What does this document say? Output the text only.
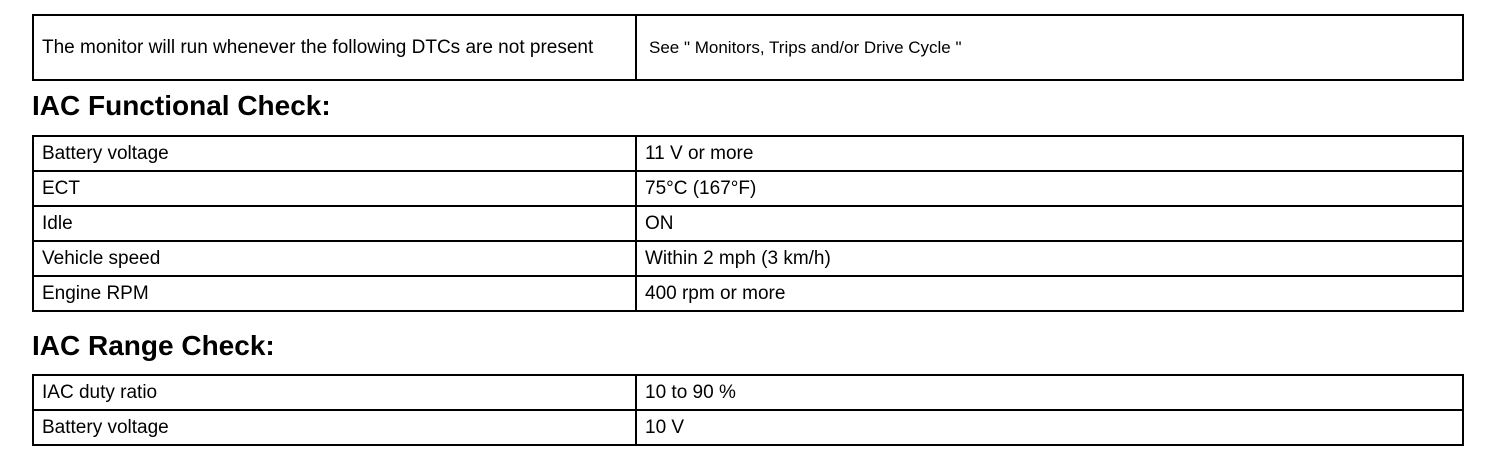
The monitor will run whenever the following DTCs are not present	See " Monitors, Trips and/or Drive Cycle "
IAC Functional Check:
Battery voltage	11 V or more
ECT	75°C (167°F)
Idle	ON
Vehicle speed	Within 2 mph (3 km/h)
Engine RPM	400 rpm or more
IAC Range Check:
IAC duty ratio	10 to 90 %
Battery voltage	10 V
